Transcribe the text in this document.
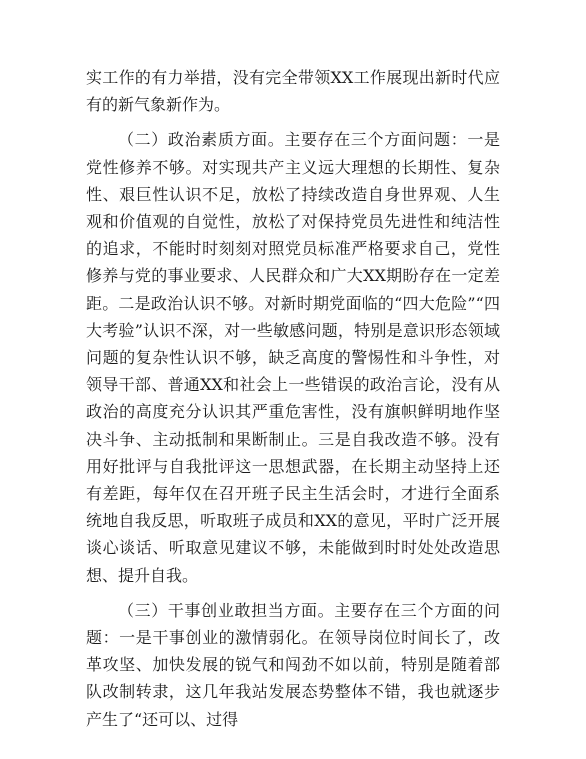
实工作的有力举措，没有完全带领XX工作展现出新时代应有的新气象新作为。

（二）政治素质方面。主要存在三个方面问题：一是党性修养不够。对实现共产主义远大理想的长期性、复杂性、艰巨性认识不足，放松了持续改造自身世界观、人生观和价值观的自觉性，放松了对保持党员先进性和纯洁性的追求，不能时时刻刻对照党员标准严格要求自己，党性修养与党的事业要求、人民群众和广大XX期盼存在一定差距。二是政治认识不够。对新时期党面临的“四大危险”“四大考验”认识不深，对一些敏感问题，特别是意识形态领域问题的复杂性认识不够，缺乏高度的警惕性和斗争性，对领导干部、普通XX和社会上一些错误的政治言论，没有从政治的高度充分认识其严重危害性，没有旗帜鲜明地作坚决斗争、主动抵制和果断制止。三是自我改造不够。没有用好批评与自我批评这一思想武器，在长期主动坚持上还有差距，每年仅在召开班子民主生活会时，才进行全面系统地自我反思，听取班子成员和XX的意见，平时广泛开展谈心谈话、听取意见建议不够，未能做到时时处处改造思想、提升自我。

（三）干事创业敢担当方面。主要存在三个方面的问题：一是干事创业的激情弱化。在领导岗位时间长了，改革攻坚、加快发展的锐气和闯劲不如以前，特别是随着部队改制转隶，这几年我站发展态势整体不错，我也就逐步产生了“还可以、过得
